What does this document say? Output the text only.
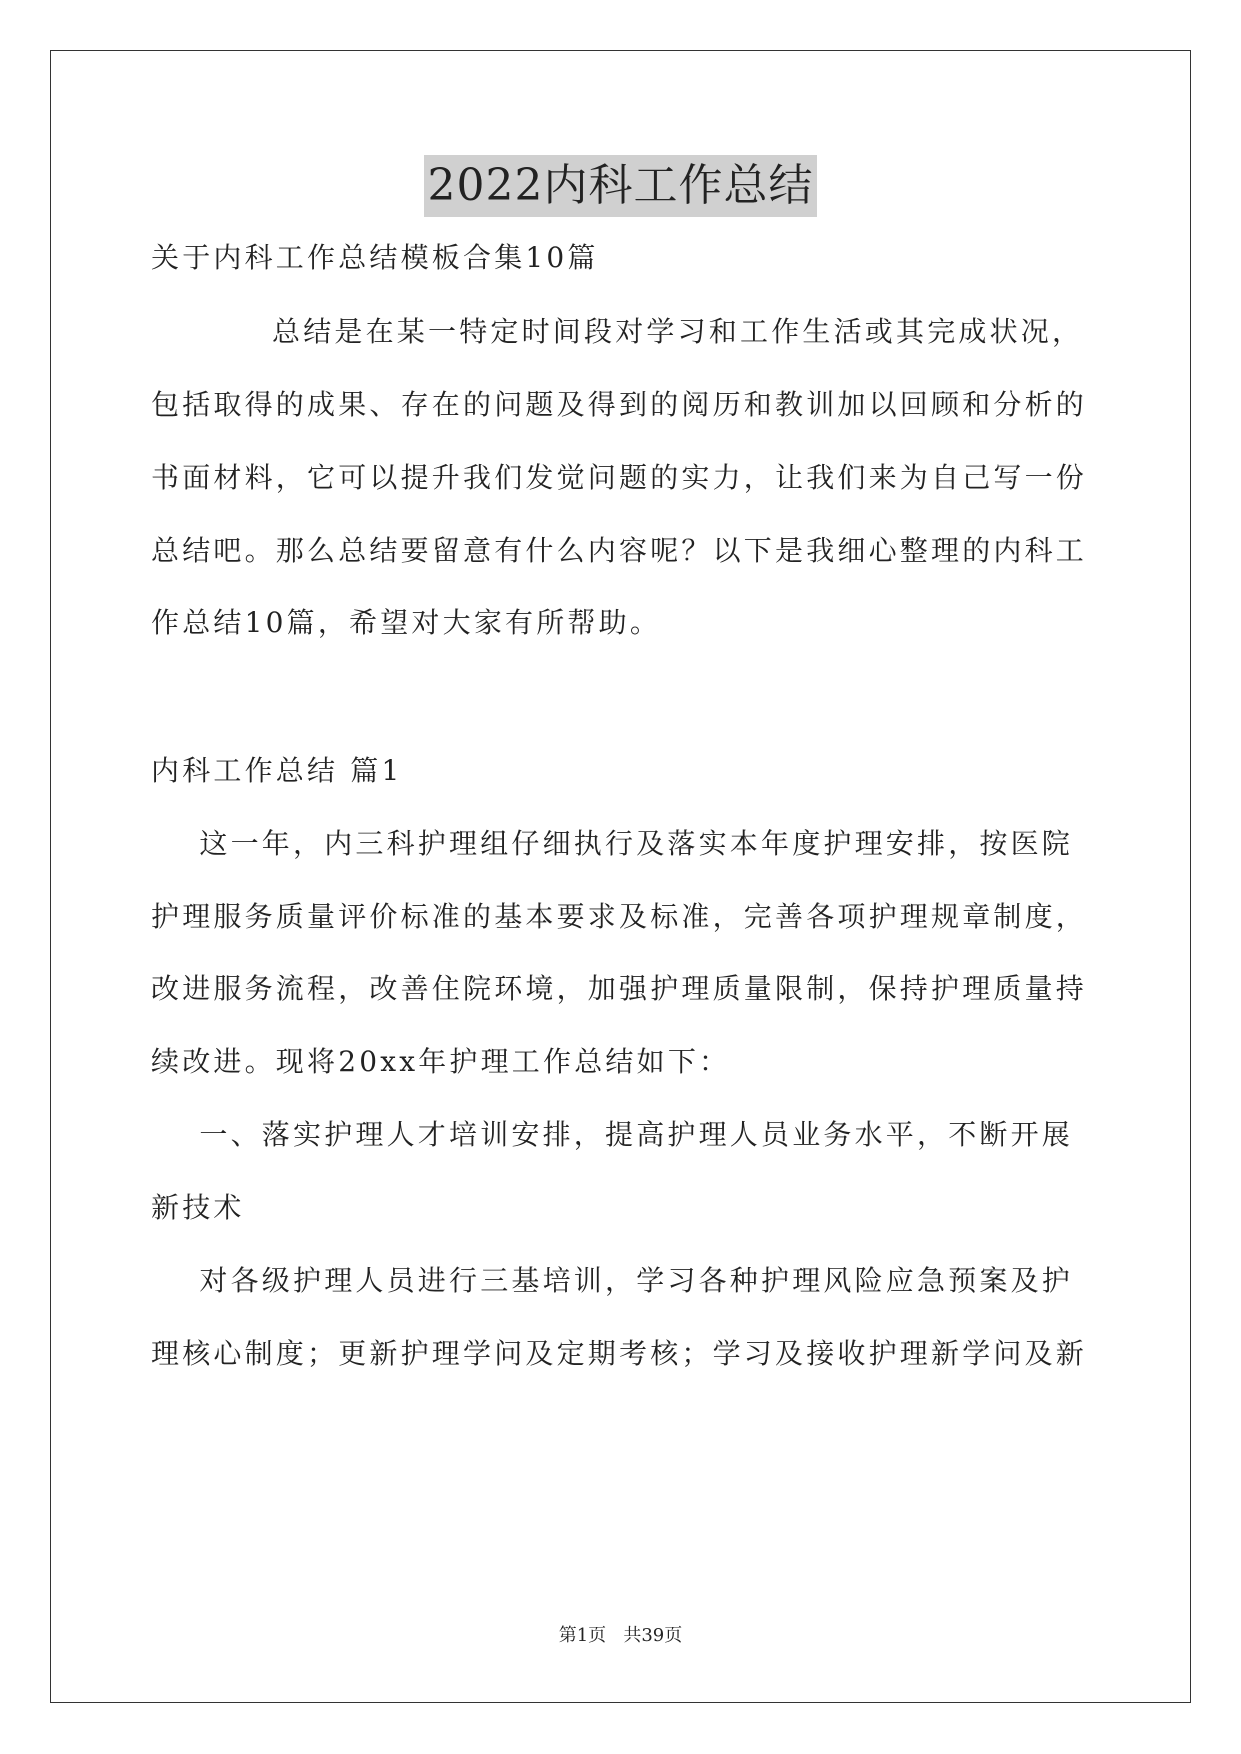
2022内科工作总结
关于内科工作总结模板合集10篇
总结是在某一特定时间段对学习和工作生活或其完成状况，
包括取得的成果、存在的问题及得到的阅历和教训加以回顾和分析的
书面材料，它可以提升我们发觉问题的实力，让我们来为自己写一份
总结吧。那么总结要留意有什么内容呢？以下是我细心整理的内科工
作总结10篇，希望对大家有所帮助。
内科工作总结 篇1
这一年，内三科护理组仔细执行及落实本年度护理安排，按医院
护理服务质量评价标准的基本要求及标准，完善各项护理规章制度，
改进服务流程，改善住院环境，加强护理质量限制，保持护理质量持
续改进。现将20xx年护理工作总结如下：
一、落实护理人才培训安排，提高护理人员业务水平，不断开展
新技术
对各级护理人员进行三基培训，学习各种护理风险应急预案及护
理核心制度；更新护理学问及定期考核；学习及接收护理新学问及新
第1页   共39页
